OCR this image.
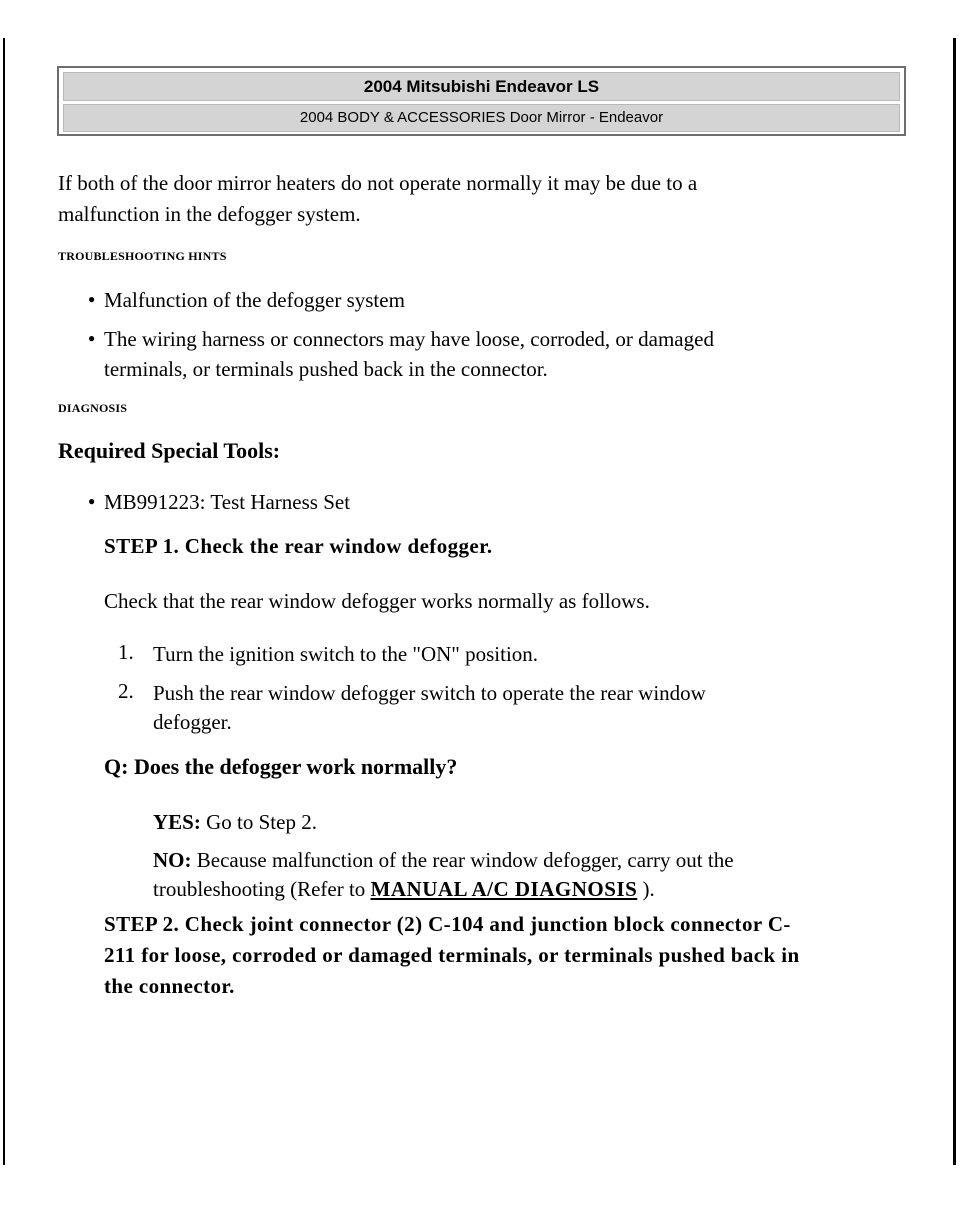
2004 Mitsubishi Endeavor LS
2004 BODY & ACCESSORIES Door Mirror - Endeavor

If both of the door mirror heaters do not operate normally it may be due to a

malfunction in the defogger system.

TROUBLESHOOTING HINTS

● Malfunction of the defogger system

● The wiring harness or connectors may have loose, corroded, or damaged

terminals, or terminals pushed back in the connector.

DIAGNOSIS

Required Special Tools:

● MB991223: Test Harness Set

STEP 1. Check the rear window defogger.

Check that the rear window defogger works normally as follows.

1. Turn the ignition switch to the "ON" position.

2. Push the rear window defogger switch to operate the rear window

defogger.

Q: Does the defogger work normally?

YES: Go to Step 2.

NO: Because malfunction of the rear window defogger, carry out the

troubleshooting (Refer to MANUAL A/C DIAGNOSIS ).

STEP 2. Check joint connector (2) C-104 and junction block connector C-

211 for loose, corroded or damaged terminals, or terminals pushed back in

the connector.
